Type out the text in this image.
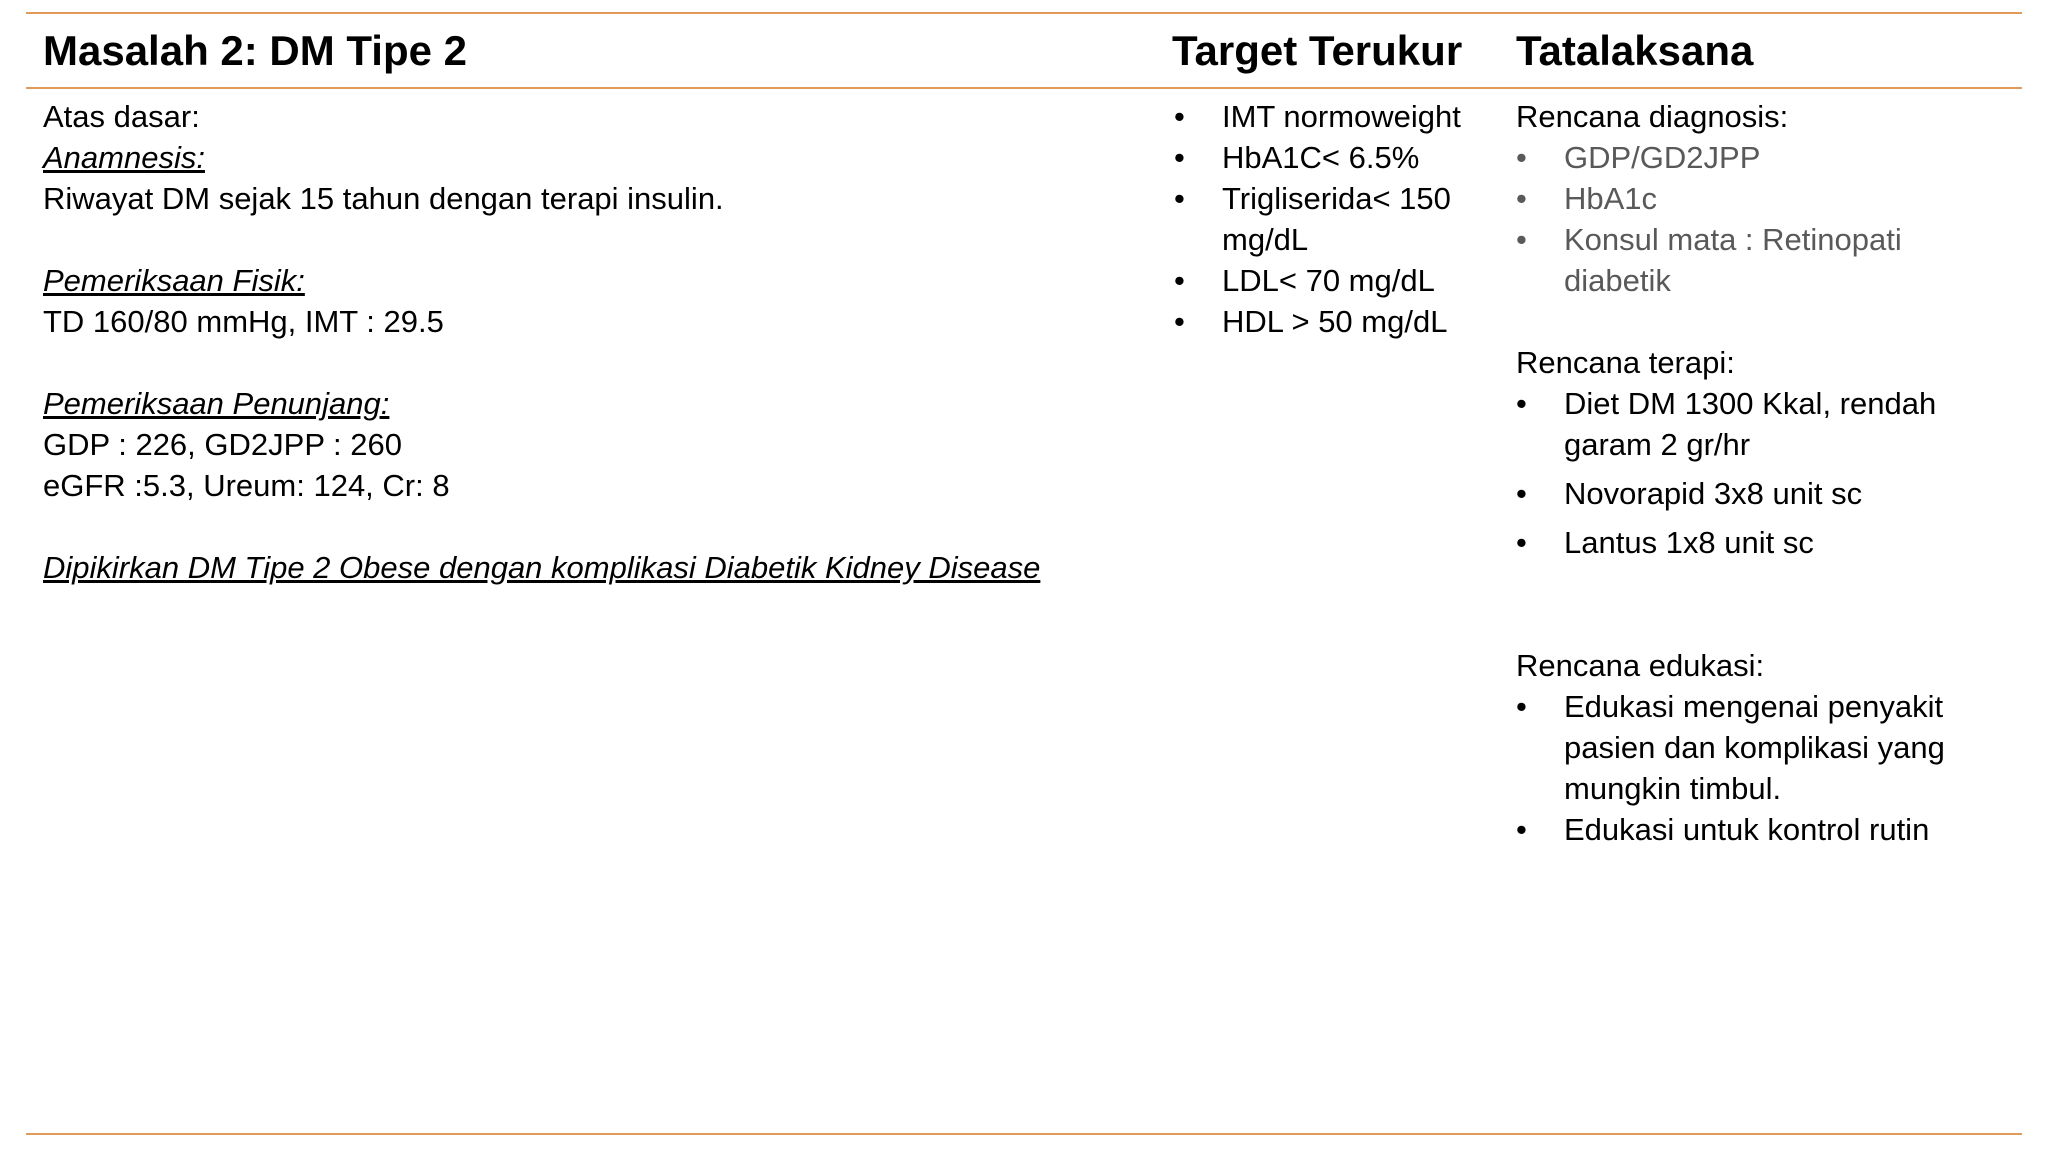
Masalah 2: DM Tipe 2	Target Terukur Tatalaksana

Atas dasar:

Anamnesis:

Riwayat DM sejak 15 tahun dengan terapi insulin.

Pemeriksaan Fisik:

TD 160/80 mmHg, IMT : 29.5

Pemeriksaan Penunjang:

GDP : 226, GD2JPP : 260

eGFR :5.3, Ureum: 124, Cr: 8

Dipikirkan DM Tipe 2 Obese dengan komplikasi Diabetik Kidney Disease

• IMT normoweight
• HbA1C< 6.5%
• Trigliserida< 150 mg/dL
• LDL< 70 mg/dL
• HDL > 50 mg/dL

Rencana diagnosis:

• GDP/GD2JPP
• HbA1c
• Konsul mata : Retinopati diabetik

Rencana terapi:

• Diet DM 1300 Kkal, rendah garam 2 gr/hr
• Novorapid 3x8 unit sc
• Lantus 1x8 unit sc

Rencana edukasi:

• Edukasi mengenai penyakit pasien dan komplikasi yang mungkin timbul.
• Edukasi untuk kontrol rutin
